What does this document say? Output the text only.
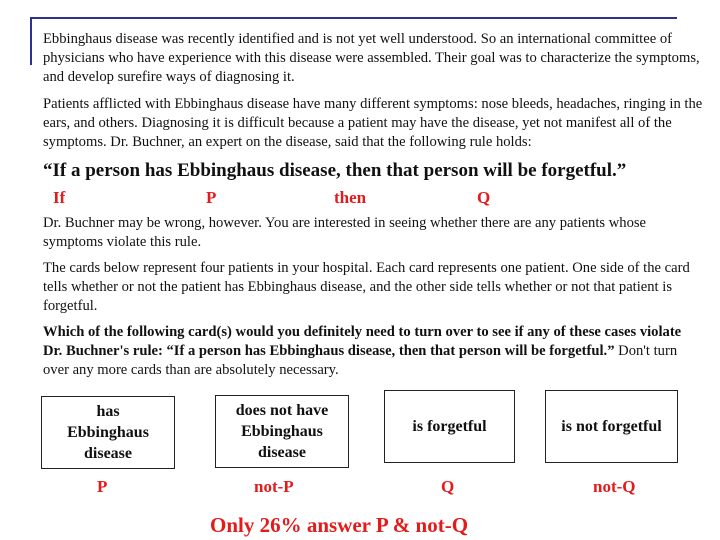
Ebbinghaus disease was recently identified and is not yet well understood. So an international committee of physicians who have experience with this disease were assembled. Their goal was to characterize the symptoms, and develop surefire ways of diagnosing it.

Patients afflicted with Ebbinghaus disease have many different symptoms: nose bleeds, headaches, ringing in the ears, and others. Diagnosing it is difficult because a patient may have the disease, yet not manifest all of the symptoms. Dr. Buchner, an expert on the disease, said that the following rule holds:

“If a person has Ebbinghaus disease, then that person will be forgetful.”

If	P	then	Q

Dr. Buchner may be wrong, however. You are interested in seeing whether there are any patients whose symptoms violate this rule.

The cards below represent four patients in your hospital. Each card represents one patient. One side of the card tells whether or not the patient has Ebbinghaus disease, and the other side tells whether or not that patient is forgetful.

Which of the following card(s) would you definitely need to turn over to see if any of these cases violate Dr. Buchner's rule: “If a person has Ebbinghaus disease, then that person will be forgetful.” Don't turn over any more cards than are absolutely necessary.

has
Ebbinghaus
disease
does not have
Ebbinghaus
disease
is forgetful	is not forgetful
P	not-P	Q	not-Q
Only 26% answer P & not-Q
